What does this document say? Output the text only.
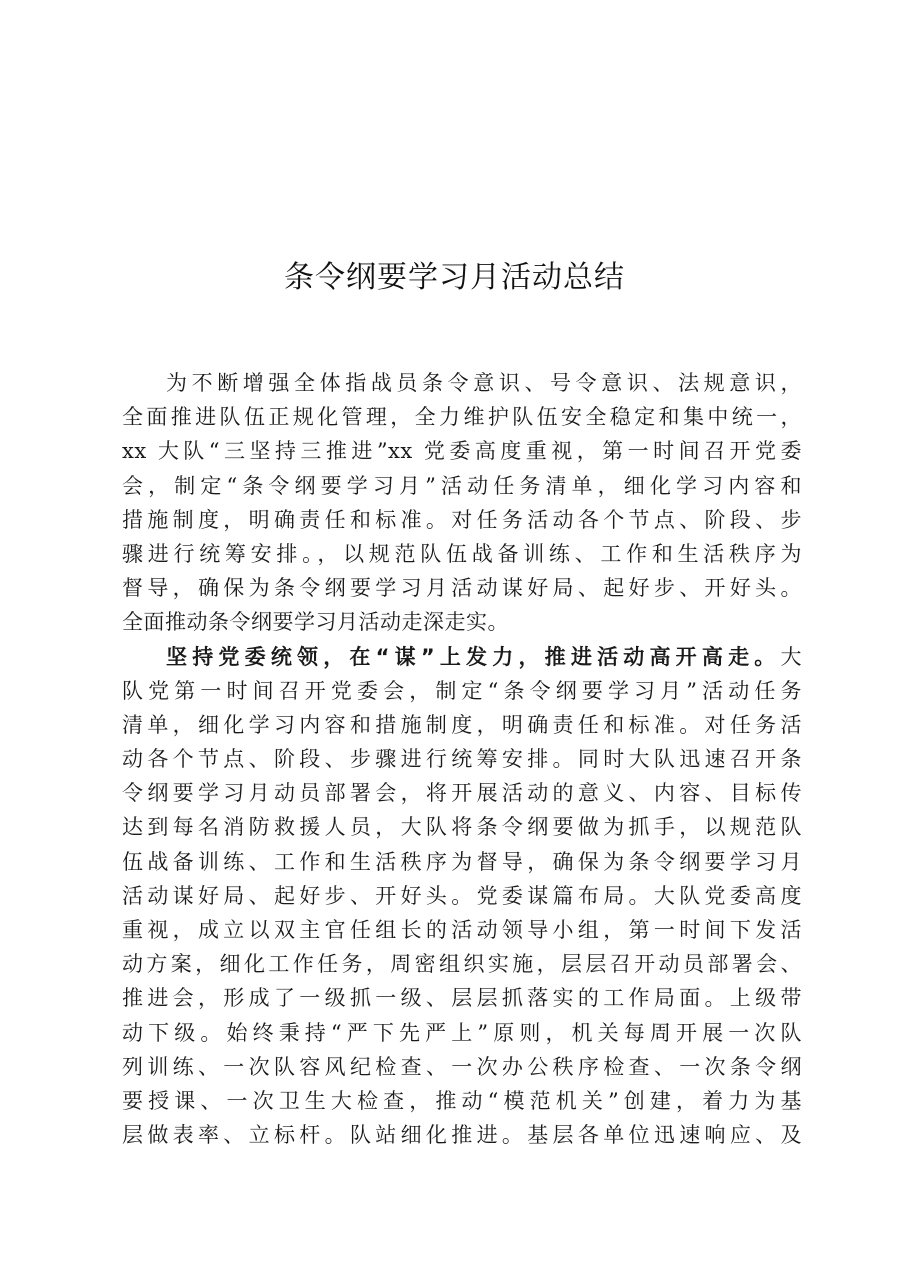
条令纲要学习月活动总结
为不断增强全体指战员条令意识、号令意识、法规意识，
全面推进队伍正规化管理，全力维护队伍安全稳定和集中统一，
xx 大队“三坚持三推进”xx 党委高度重视，第一时间召开党委
会，制定“条令纲要学习月”活动任务清单，细化学习内容和
措施制度，明确责任和标准。对任务活动各个节点、阶段、步
骤进行统筹安排。，以规范队伍战备训练、工作和生活秩序为
督导，确保为条令纲要学习月活动谋好局、起好步、开好头。
全面推动条令纲要学习月活动走深走实。
坚持党委统领，在“谋”上发力，推进活动高开高走。大
队党第一时间召开党委会，制定“条令纲要学习月”活动任务
清单，细化学习内容和措施制度，明确责任和标准。对任务活
动各个节点、阶段、步骤进行统筹安排。同时大队迅速召开条
令纲要学习月动员部署会，将开展活动的意义、内容、目标传
达到每名消防救援人员，大队将条令纲要做为抓手，以规范队
伍战备训练、工作和生活秩序为督导，确保为条令纲要学习月
活动谋好局、起好步、开好头。党委谋篇布局。大队党委高度
重视，成立以双主官任组长的活动领导小组，第一时间下发活
动方案，细化工作任务，周密组织实施，层层召开动员部署会、
推进会，形成了一级抓一级、层层抓落实的工作局面。上级带
动下级。始终秉持“严下先严上”原则，机关每周开展一次队
列训练、一次队容风纪检查、一次办公秩序检查、一次条令纲
要授课、一次卫生大检查，推动“模范机关”创建，着力为基
层做表率、立标杆。队站细化推进。基层各单位迅速响应、及
